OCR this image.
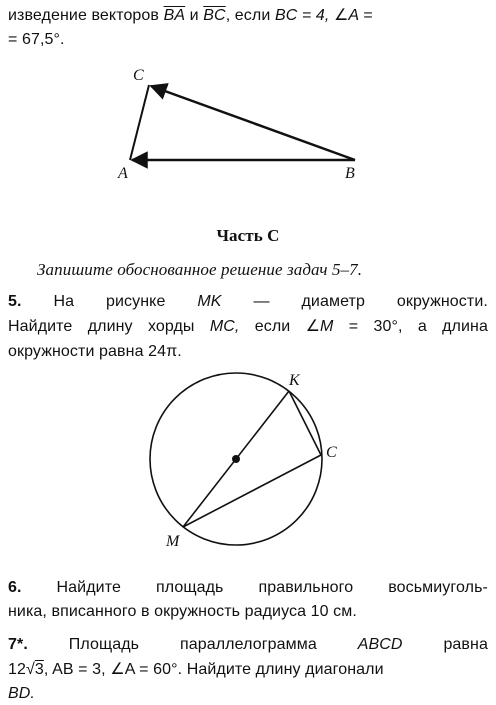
изведение векторов $\overline{BA}$ и $\overline{BC}$, если BC = 4, ∠A =
= 67,5°.
C
A	B
K
C
M
Часть С
Запишите обоснованное решение задач 5–7.
5. На рисунке MK — диаметр окружности.
Найдите длину хорды MC, если ∠M = 30°, а длина
окружности равна 24π.
6. Найдите площадь правильного восьмиуголь-
ника, вписанного в окружность радиуса 10 см.
7*.	Площадь	параллелограмма	ABCD	равна
12√3, AB = 3, ∠A = 60°. Найдите длину диагонали
BD.
